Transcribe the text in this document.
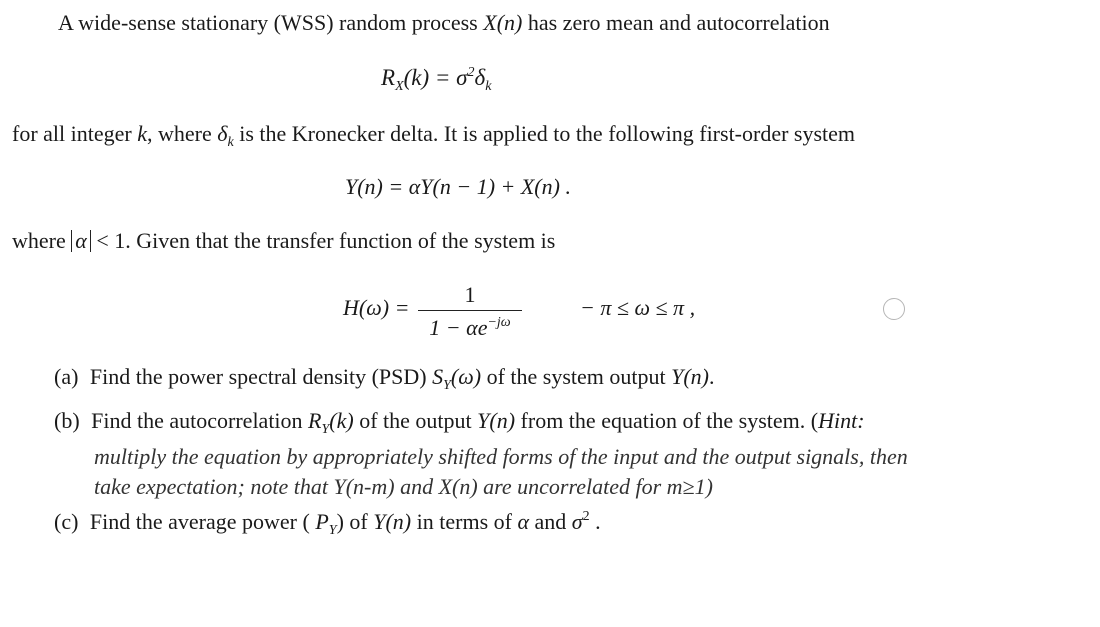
A wide-sense stationary (WSS) random process X(n) has zero mean and autocorrelation
$R_X(k) = \sigma^2\delta_k$
for all integer k, where $\delta_k$ is the Kronecker delta. It is applied to the following first-order system
Y(n) = αY(n − 1) + X(n) .
where α < 1. Given that the transfer function of the system is
H(ω) =
1
$1 - \alpha e^{-j\omega}$
− π ≤ ω ≤ π ,
(a) Find the power spectral density (PSD) $S_Y(\omega)$ of the system output Y(n).
(b) Find the autocorrelation $R_Y(k)$ of the output Y(n) from the equation of the system. (Hint:
multiply the equation by appropriately shifted forms of the input and the output signals, then
take expectation; note that Y(n-m) and X(n) are uncorrelated for m≥1)
(c) Find the average power ( $P_Y$) of Y(n) in terms of α and $\sigma^2$ .
